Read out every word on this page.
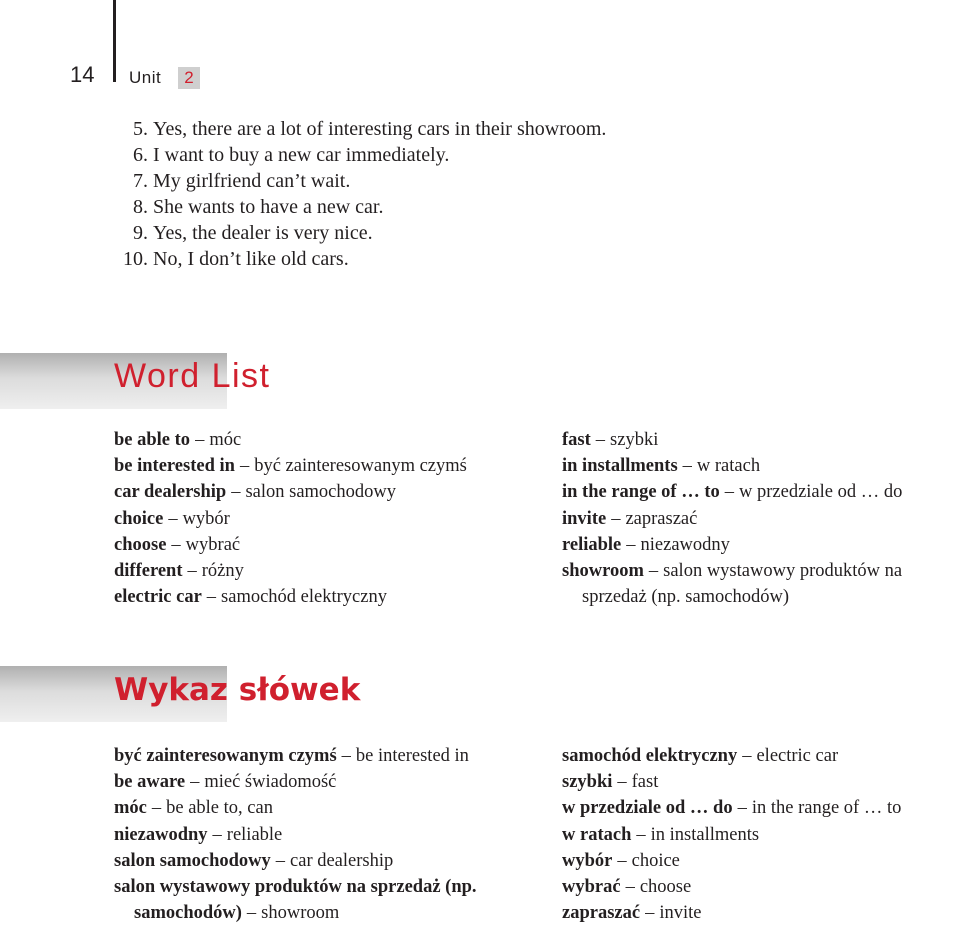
14 Unit	2
5. Yes, there are a lot of interesting cars in their showroom.
6. I want to buy a new car immediately.
7. My girlfriend can’t wait.
8. She wants to have a new car.
9. Yes, the dealer is very nice.
10. No, I don’t like old cars.
Word List
be able to – móc
be interested in – być zainteresowanym czymś
car dealership – salon samochodowy
choice – wybór
choose – wybrać
different – różny
electric car – samochód elektryczny
fast – szybki
in installments – w ratach
in the range of … to – w przedziale od … do
invite – zapraszać
reliable – niezawodny
showroom – salon wystawowy produktów na
sprzedaż (np. samochodów)
Wykaz słówek
być zainteresowanym czymś – be interested in
be aware – mieć świadomość
móc – be able to, can
niezawodny – reliable
salon samochodowy – car dealership
salon wystawowy produktów na sprzedaż (np.
samochodów) – showroom
samochód elektryczny – electric car
szybki – fast
w przedziale od … do – in the range of … to
w ratach – in installments
wybór – choice
wybrać – choose
zapraszać – invite
